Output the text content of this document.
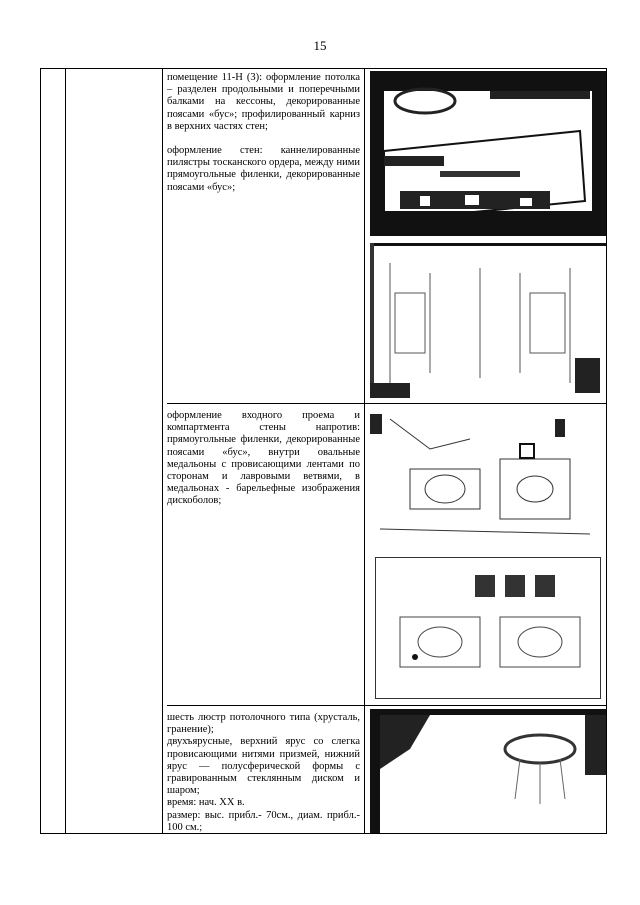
15

помещение 11-Н (3): оформление потолка – разделен продольными и поперечными балками на кессоны, декорированные поясами «бус»; профилированный карниз в верхних частях стен;

оформление стен: каннелированные пилястры тосканского ордера, между ними прямоугольные филенки, декорированные поясами «бус»;

оформление входного проема и компартмента стены напротив: прямоугольные филенки, декорированные поясами «бус», внутри овальные медальоны с провисающими лентами по сторонам и лавровыми ветвями, в медальонах - барельефные изображения дискоболов;

шесть люстр потолочного типа (хрусталь, гранение);
двухъярусные, верхний ярус со слегка провисающими нитями призмей, нижний ярус — полусферической формы с гравированным стеклянным диском и шаром;
время: нач. XX в.
размер: выс. прибл.- 70см., диам. прибл.- 100 см.;
